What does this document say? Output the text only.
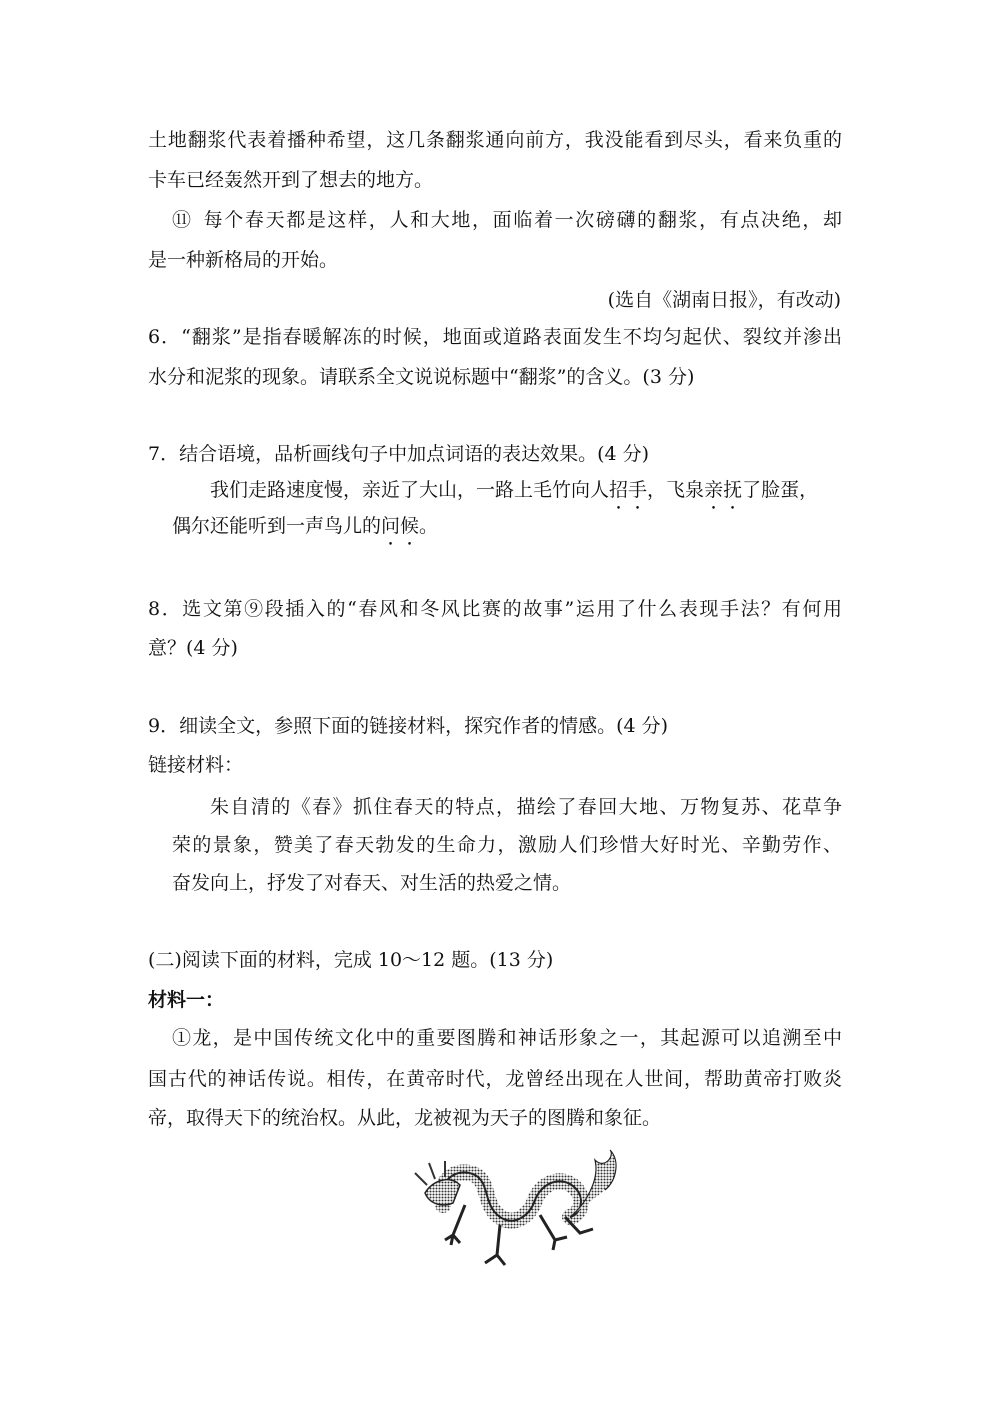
土地翻浆代表着播种希望，这几条翻浆通向前方，我没能看到尽头，看来负重的
卡车已经轰然开到了想去的地方。
⑪ 每个春天都是这样，人和大地，面临着一次磅礴的翻浆，有点决绝，却
是一种新格局的开始。
(选自《湖南日报》，有改动)
6．“翻浆”是指春暖解冻的时候，地面或道路表面发生不均匀起伏、裂纹并渗出
水分和泥浆的现象。请联系全文说说标题中“翻浆”的含义。(3 分)
7．结合语境，品析画线句子中加点词语的表达效果。(4 分)
我们走路速度慢，亲近了大山，一路上毛竹向人招手，飞泉亲抚了脸蛋，
偶尔还能听到一声鸟儿的问候。
8．选文第⑨段插入的“春风和冬风比赛的故事”运用了什么表现手法？有何用
意？(4 分)
9．细读全文，参照下面的链接材料，探究作者的情感。(4 分)
链接材料：
朱自清的《春》抓住春天的特点，描绘了春回大地、万物复苏、花草争
荣的景象，赞美了春天勃发的生命力，激励人们珍惜大好时光、辛勤劳作、
奋发向上，抒发了对春天、对生活的热爱之情。
(二)阅读下面的材料，完成 10～12 题。(13 分)
材料一：
①龙，是中国传统文化中的重要图腾和神话形象之一，其起源可以追溯至中
国古代的神话传说。相传，在黄帝时代，龙曾经出现在人世间，帮助黄帝打败炎
帝，取得天下的统治权。从此，龙被视为天子的图腾和象征。
